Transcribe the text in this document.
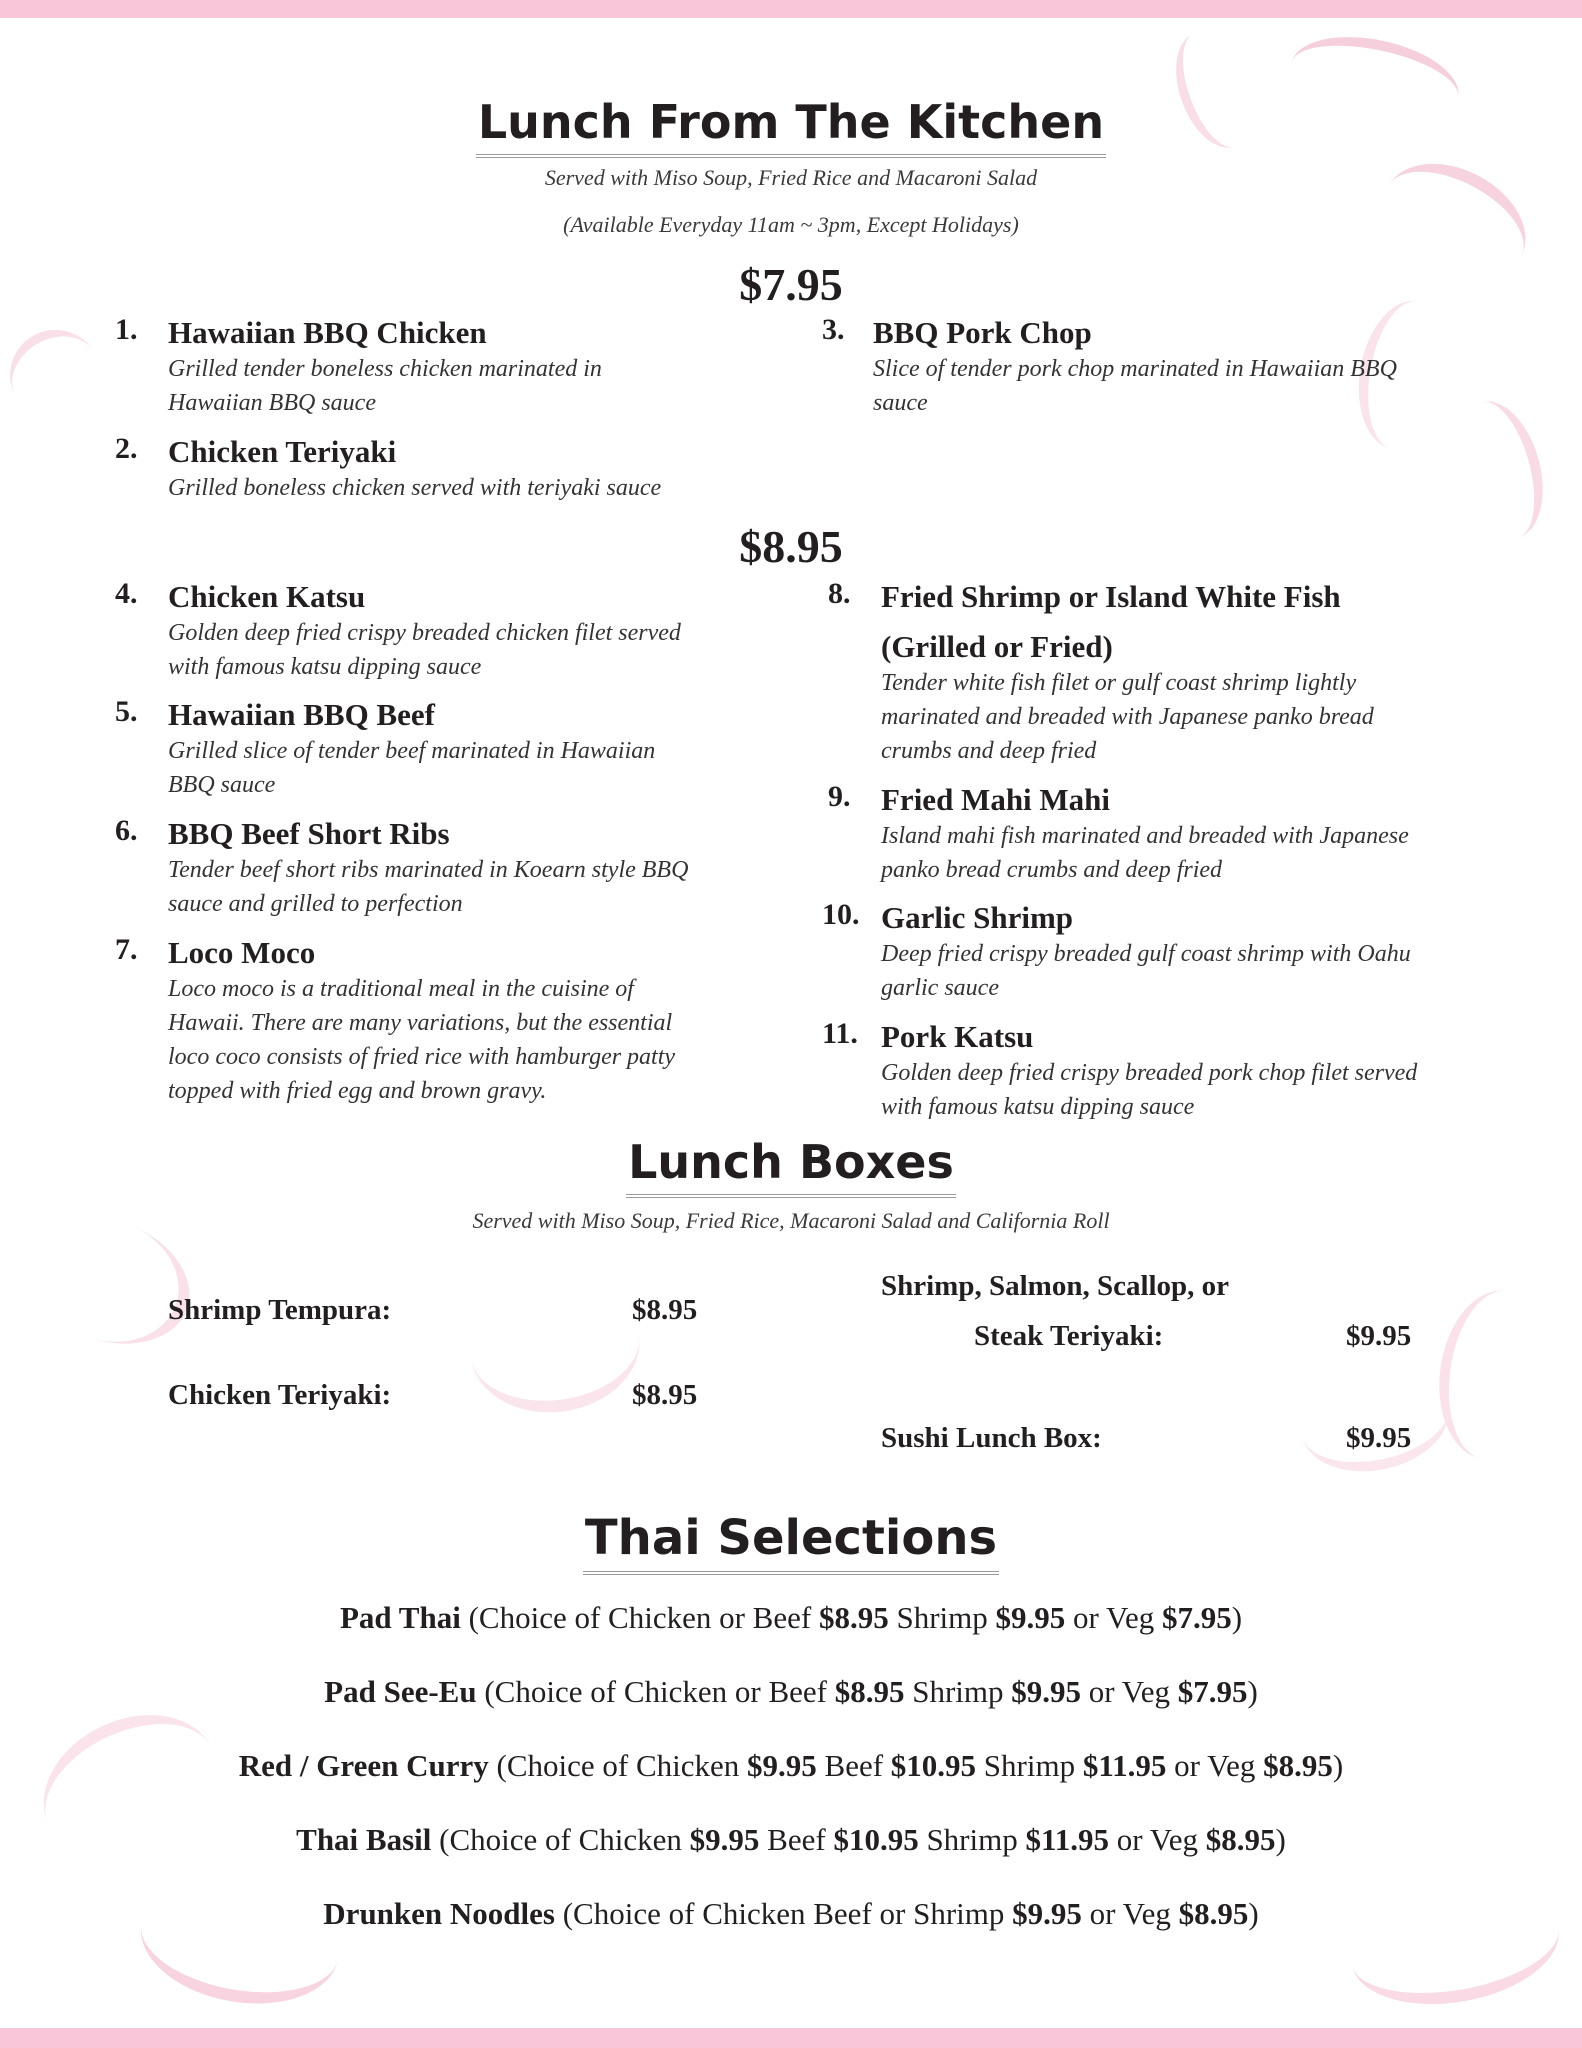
Lunch From The Kitchen
Served with Miso Soup, Fried Rice and Macaroni Salad
(Available Everyday 11am ~ 3pm, Except Holidays)
$7.95
1. Hawaiian BBQ Chicken
Grilled tender boneless chicken marinated in
Hawaiian BBQ sauce
2. Chicken Teriyaki
Grilled boneless chicken served with teriyaki sauce
3. BBQ Pork Chop
Slice of tender pork chop marinated in Hawaiian BBQ
sauce
4. Chicken Katsu
Golden deep fried crispy breaded chicken filet served
with famous katsu dipping sauce
5. Hawaiian BBQ Beef
Grilled slice of tender beef marinated in Hawaiian
BBQ sauce
6. BBQ Beef Short Ribs
Tender beef short ribs marinated in Koearn style BBQ
sauce and grilled to perfection
7. Loco Moco
Loco moco is a traditional meal in the cuisine of
Hawaii. There are many variations, but the essential
loco coco consists of fried rice with hamburger patty
topped with fried egg and brown gravy.
8. Fried Shrimp or Island White Fish
(Grilled or Fried)
Tender white fish filet or gulf coast shrimp lightly
marinated and breaded with Japanese panko bread
crumbs and deep fried
9. Fried Mahi Mahi
Island mahi fish marinated and breaded with Japanese
panko bread crumbs and deep fried
10. Garlic Shrimp
Deep fried crispy breaded gulf coast shrimp with Oahu
garlic sauce
11. Pork Katsu
Golden deep fried crispy breaded pork chop filet served
with famous katsu dipping sauce
$8.95
Lunch Boxes
Served with Miso Soup, Fried Rice, Macaroni Salad and California Roll
Shrimp Tempura:	$8.95
Chicken Teriyaki:	$8.95
Shrimp, Salmon, Scallop, or
Steak Teriyaki:	$9.95
Sushi Lunch Box:	$9.95
Thai Selections
Pad Thai (Choice of Chicken or Beef $8.95 Shrimp $9.95 or Veg $7.95)
Pad See-Eu (Choice of Chicken or Beef $8.95 Shrimp $9.95 or Veg $7.95)
Red / Green Curry (Choice of Chicken $9.95 Beef $10.95 Shrimp $11.95 or Veg $8.95)
Thai Basil (Choice of Chicken $9.95 Beef $10.95 Shrimp $11.95 or Veg $8.95)
Drunken Noodles (Choice of Chicken Beef or Shrimp $9.95 or Veg $8.95)
